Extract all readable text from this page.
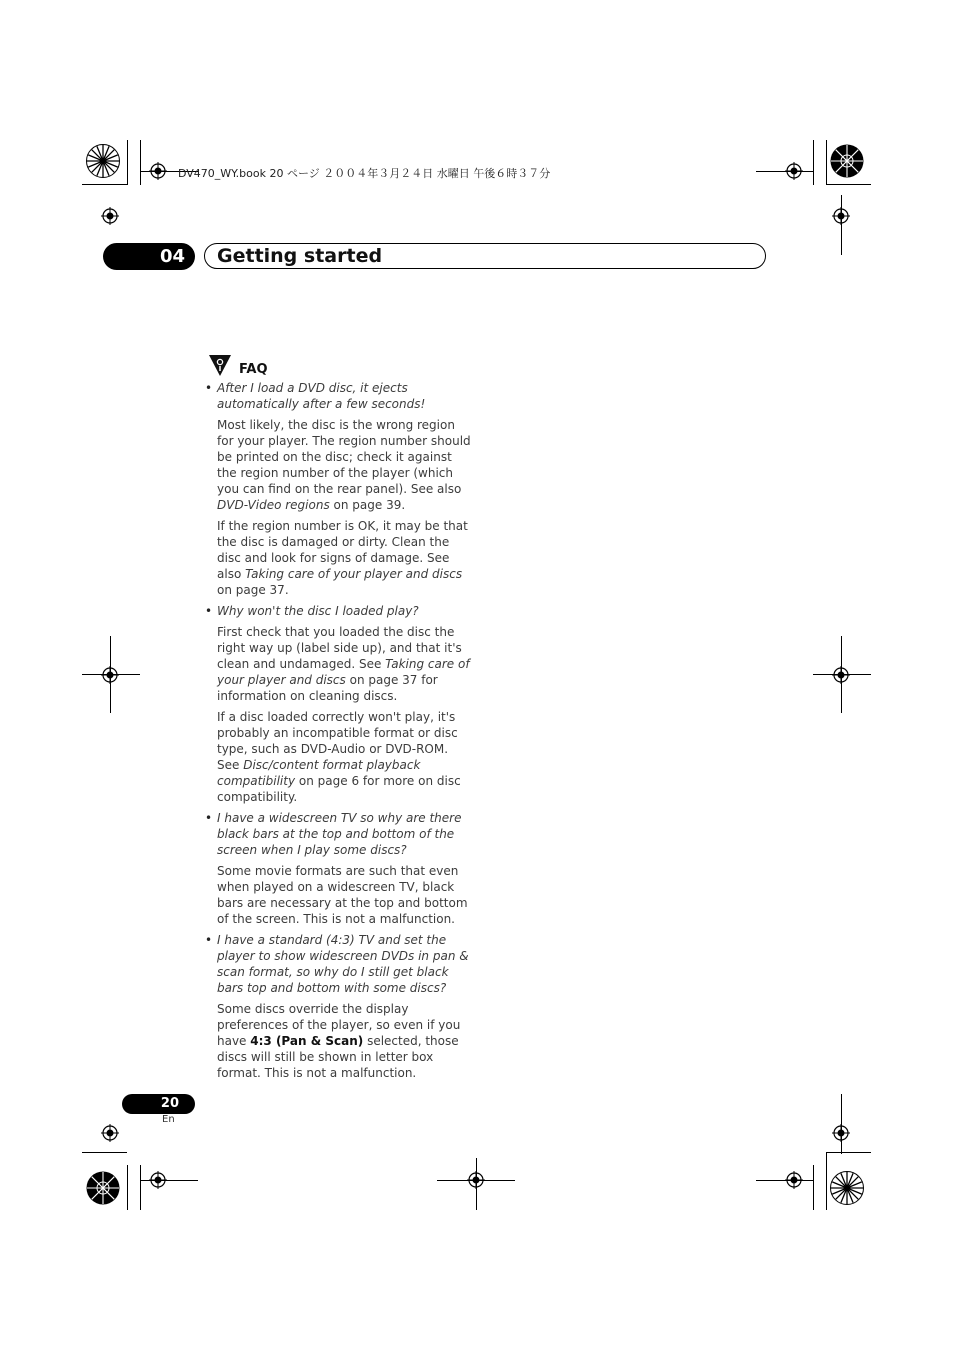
DV470_WY.book 20 ページ ２００４年３月２４日 水曜日 午後６時３７分
04	Getting started
FAQ

• After I load a DVD disc, it ejects automatically after a few seconds!

Most likely, the disc is the wrong region for your player. The region number should be printed on the disc; check it against the region number of the player (which you can find on the rear panel). See also DVD-Video regions on page 39.

If the region number is OK, it may be that the disc is damaged or dirty. Clean the disc and look for signs of damage. See also Taking care of your player and discs on page 37.

• Why won't the disc I loaded play?

First check that you loaded the disc the right way up (label side up), and that it's clean and undamaged. See Taking care of your player and discs on page 37 for information on cleaning discs.

If a disc loaded correctly won't play, it's probably an incompatible format or disc type, such as DVD-Audio or DVD-ROM. See Disc/content format playback compatibility on page 6 for more on disc compatibility.

• I have a widescreen TV so why are there black bars at the top and bottom of the screen when I play some discs?

Some movie formats are such that even when played on a widescreen TV, black bars are necessary at the top and bottom of the screen. This is not a malfunction.

• I have a standard (4:3) TV and set the player to show widescreen DVDs in pan & scan format, so why do I still get black bars top and bottom with some discs?

Some discs override the display preferences of the player, so even if you have 4:3 (Pan & Scan) selected, those discs will still be shown in letter box format. This is not a malfunction.

20
En
